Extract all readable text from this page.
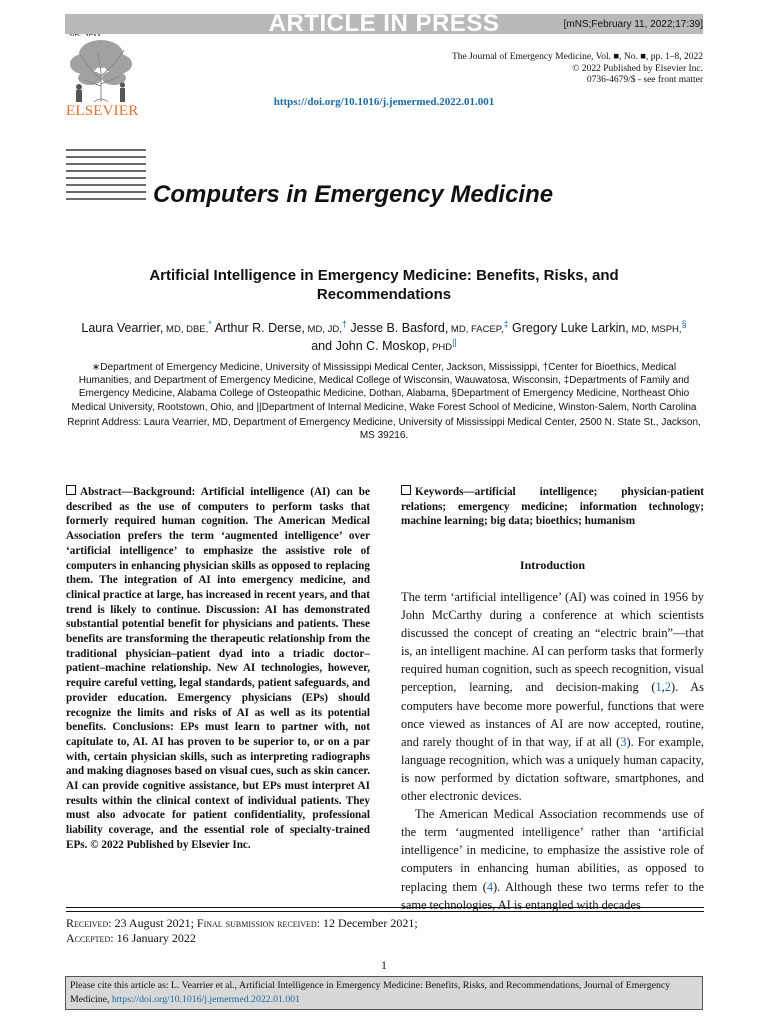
ARTICLE IN PRESS	[mNS;February 11, 2022;17:39]
ELSEVIER
The Journal of Emergency Medicine, Vol. ■, No. ■, pp. 1–8, 2022
© 2022 Published by Elsevier Inc.
0736-4679/$ - see front matter
https://doi.org/10.1016/j.jemermed.2022.01.001
Computers in Emergency Medicine
Artificial Intelligence in Emergency Medicine: Benefits, Risks, and Recommendations
Laura Vearrier, MD, DBE,* Arthur R. Derse, MD, JD,† Jesse B. Basford, MD, FACEP,‡ Gregory Luke Larkin, MD, MSPH,§ and John C. Moskop, PHD||
∗Department of Emergency Medicine, University of Mississippi Medical Center, Jackson, Mississippi, †Center for Bioethics, Medical Humanities, and Department of Emergency Medicine, Medical College of Wisconsin, Wauwatosa, Wisconsin, ‡Departments of Family and Emergency Medicine, Alabama College of Osteopathic Medicine, Dothan, Alabama, §Department of Emergency Medicine, Northeast Ohio Medical University, Rootstown, Ohio, and ||Department of Internal Medicine, Wake Forest School of Medicine, Winston-Salem, North Carolina
Reprint Address: Laura Vearrier, MD, Department of Emergency Medicine, University of Mississippi Medical Center, 2500 N. State St., Jackson, MS 39216.
Abstract—Background: Artificial intelligence (AI) can be described as the use of computers to perform tasks that formerly required human cognition. The American Medical Association prefers the term ‘augmented intelligence’ over ‘artificial intelligence’ to emphasize the assistive role of computers in enhancing physician skills as opposed to replacing them. The integration of AI into emergency medicine, and clinical practice at large, has increased in recent years, and that trend is likely to continue. Discussion: AI has demonstrated substantial potential benefit for physicians and patients. These benefits are transforming the therapeutic relationship from the traditional physician–patient dyad into a triadic doctor–patient–machine relationship. New AI technologies, however, require careful vetting, legal standards, patient safeguards, and provider education. Emergency physicians (EPs) should recognize the limits and risks of AI as well as its potential benefits. Conclusions: EPs must learn to partner with, not capitulate to, AI. AI has proven to be superior to, or on a par with, certain physician skills, such as interpreting radiographs and making diagnoses based on visual cues, such as skin cancer. AI can provide cognitive assistance, but EPs must interpret AI results within the clinical context of individual patients. They must also advocate for patient confidentiality, professional liability coverage, and the essential role of specialty-trained EPs. © 2022 Published by Elsevier Inc.
Keywords—artificial intelligence; physician-patient relations; emergency medicine; information technology; machine learning; big data; bioethics; humanism
Introduction

The term ‘artificial intelligence’ (AI) was coined in 1956 by John McCarthy during a conference at which scientists discussed the concept of creating an “electric brain”—that is, an intelligent machine. AI can perform tasks that formerly required human cognition, such as speech recognition, visual perception, learning, and decision-making (1,2). As computers have become more powerful, functions that were once viewed as instances of AI are now accepted, routine, and rarely thought of in that way, if at all (3). For example, language recognition, which was a uniquely human capacity, is now performed by dictation software, smartphones, and other electronic devices.

The American Medical Association recommends use of the term ‘augmented intelligence’ rather than ‘artificial intelligence’ in medicine, to emphasize the assistive role of computers in enhancing human abilities, as opposed to replacing them (4). Although these two terms refer to the same technologies, AI is entangled with decades

Received: 23 August 2021; Final submission received: 12 December 2021;
Accepted: 16 January 2022
1
Please cite this article as: L. Vearrier et al., Artificial Intelligence in Emergency Medicine: Benefits, Risks, and Recommendations, Journal of Emergency Medicine, https://doi.org/10.1016/j.jemermed.2022.01.001
